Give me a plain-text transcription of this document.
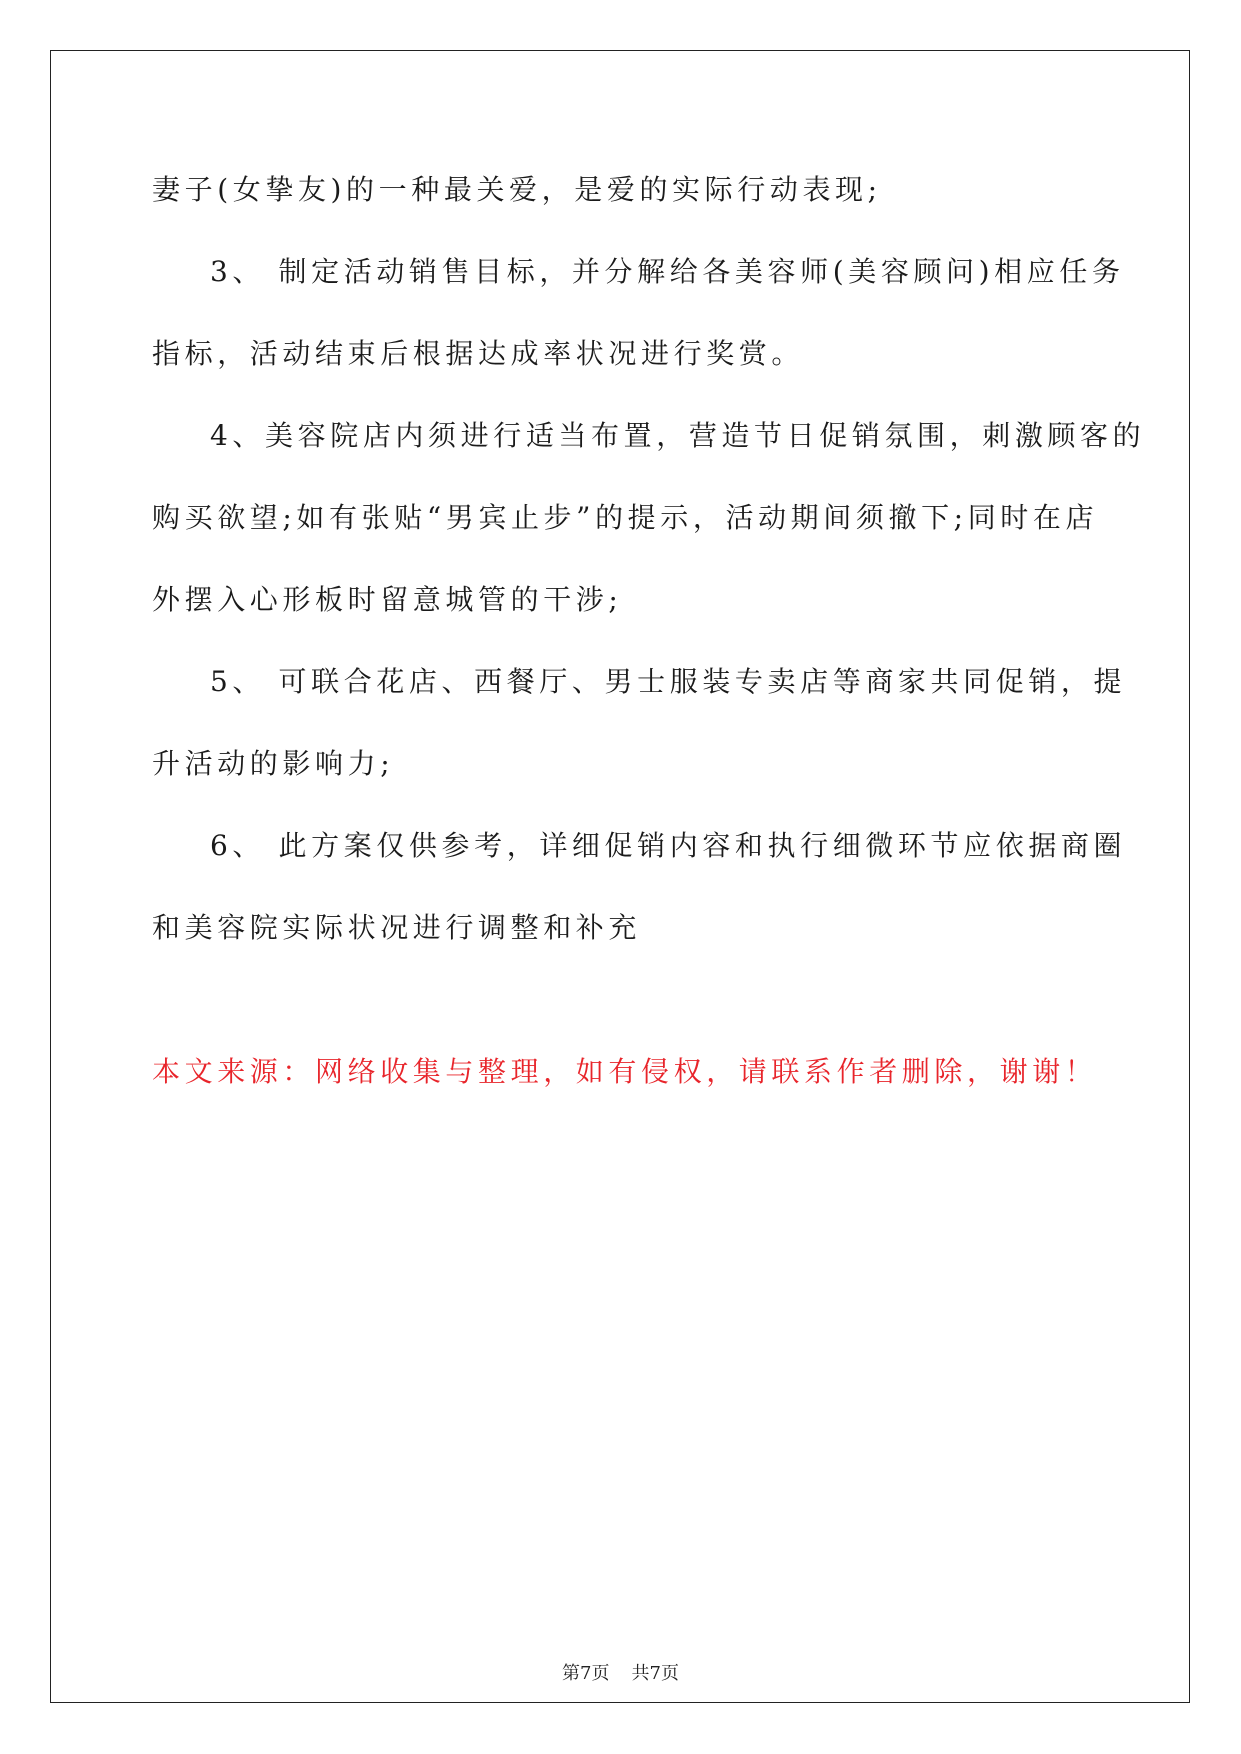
妻子(女挚友)的一种最关爱，是爱的实际行动表现;

3、 制定活动销售目标，并分解给各美容师(美容顾问)相应任务

指标，活动结束后根据达成率状况进行奖赏。

4、美容院店内须进行适当布置，营造节日促销氛围，刺激顾客的

购买欲望;如有张贴“男宾止步”的提示，活动期间须撤下;同时在店

外摆入心形板时留意城管的干涉;

5、 可联合花店、西餐厅、男士服装专卖店等商家共同促销，提

升活动的影响力;

6、 此方案仅供参考，详细促销内容和执行细微环节应依据商圈

和美容院实际状况进行调整和补充

本文来源：网络收集与整理，如有侵权，请联系作者删除，谢谢！

第7页 共7页
